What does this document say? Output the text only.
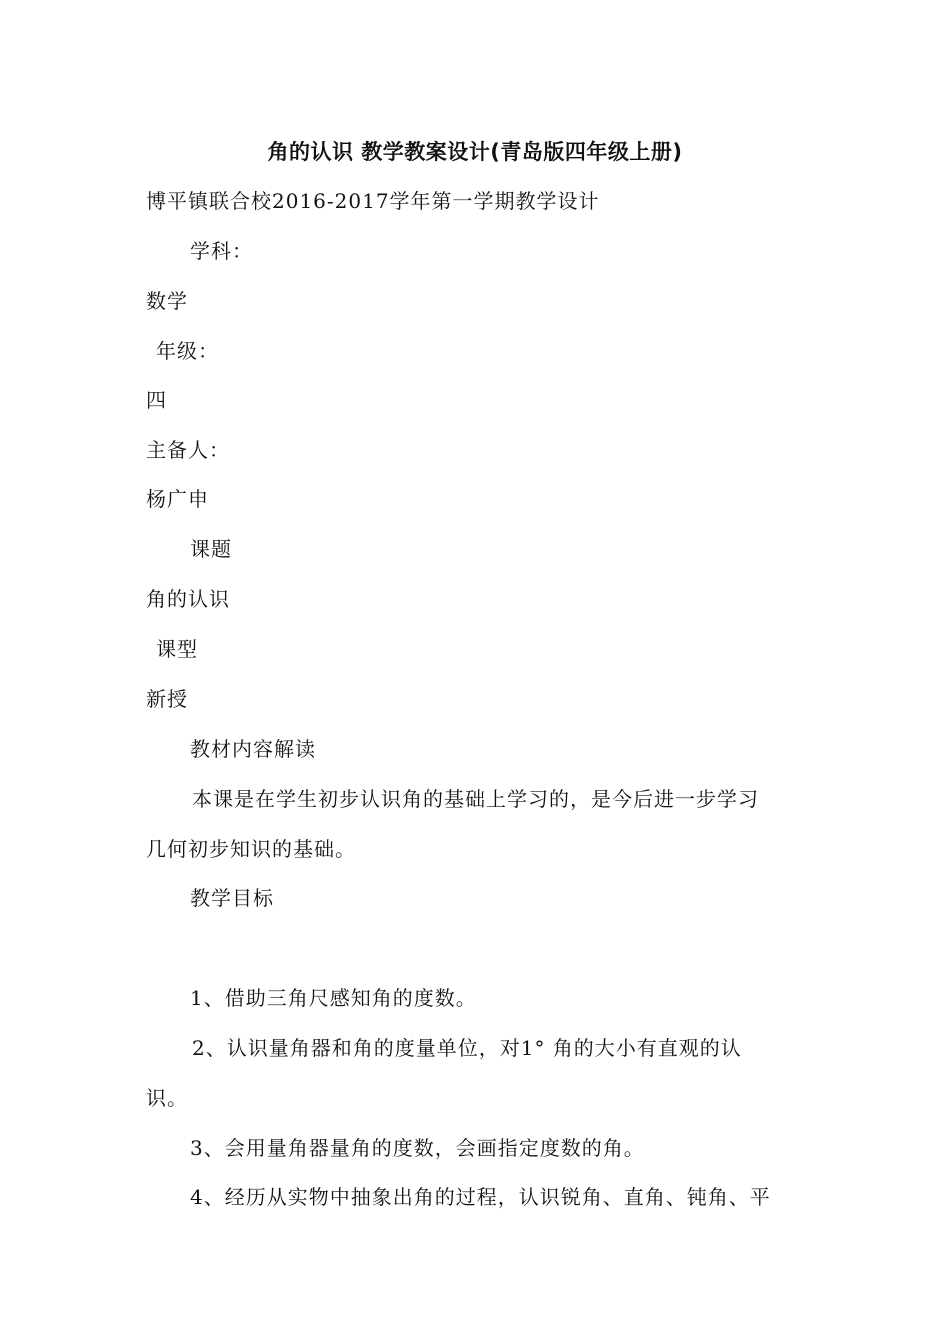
角的认识 教学教案设计(青岛版四年级上册)
博平镇联合校2016-2017学年第一学期教学设计
学科：
数学
年级：
四
主备人：
杨广申
课题
角的认识
课型
新授
教材内容解读
本课是在学生初步认识角的基础上学习的，是今后进一步学习
几何初步知识的基础。
教学目标
1、借助三角尺感知角的度数。
2、认识量角器和角的度量单位，对1° 角的大小有直观的认
识。
3、会用量角器量角的度数，会画指定度数的角。
4、经历从实物中抽象出角的过程，认识锐角、直角、钝角、平
